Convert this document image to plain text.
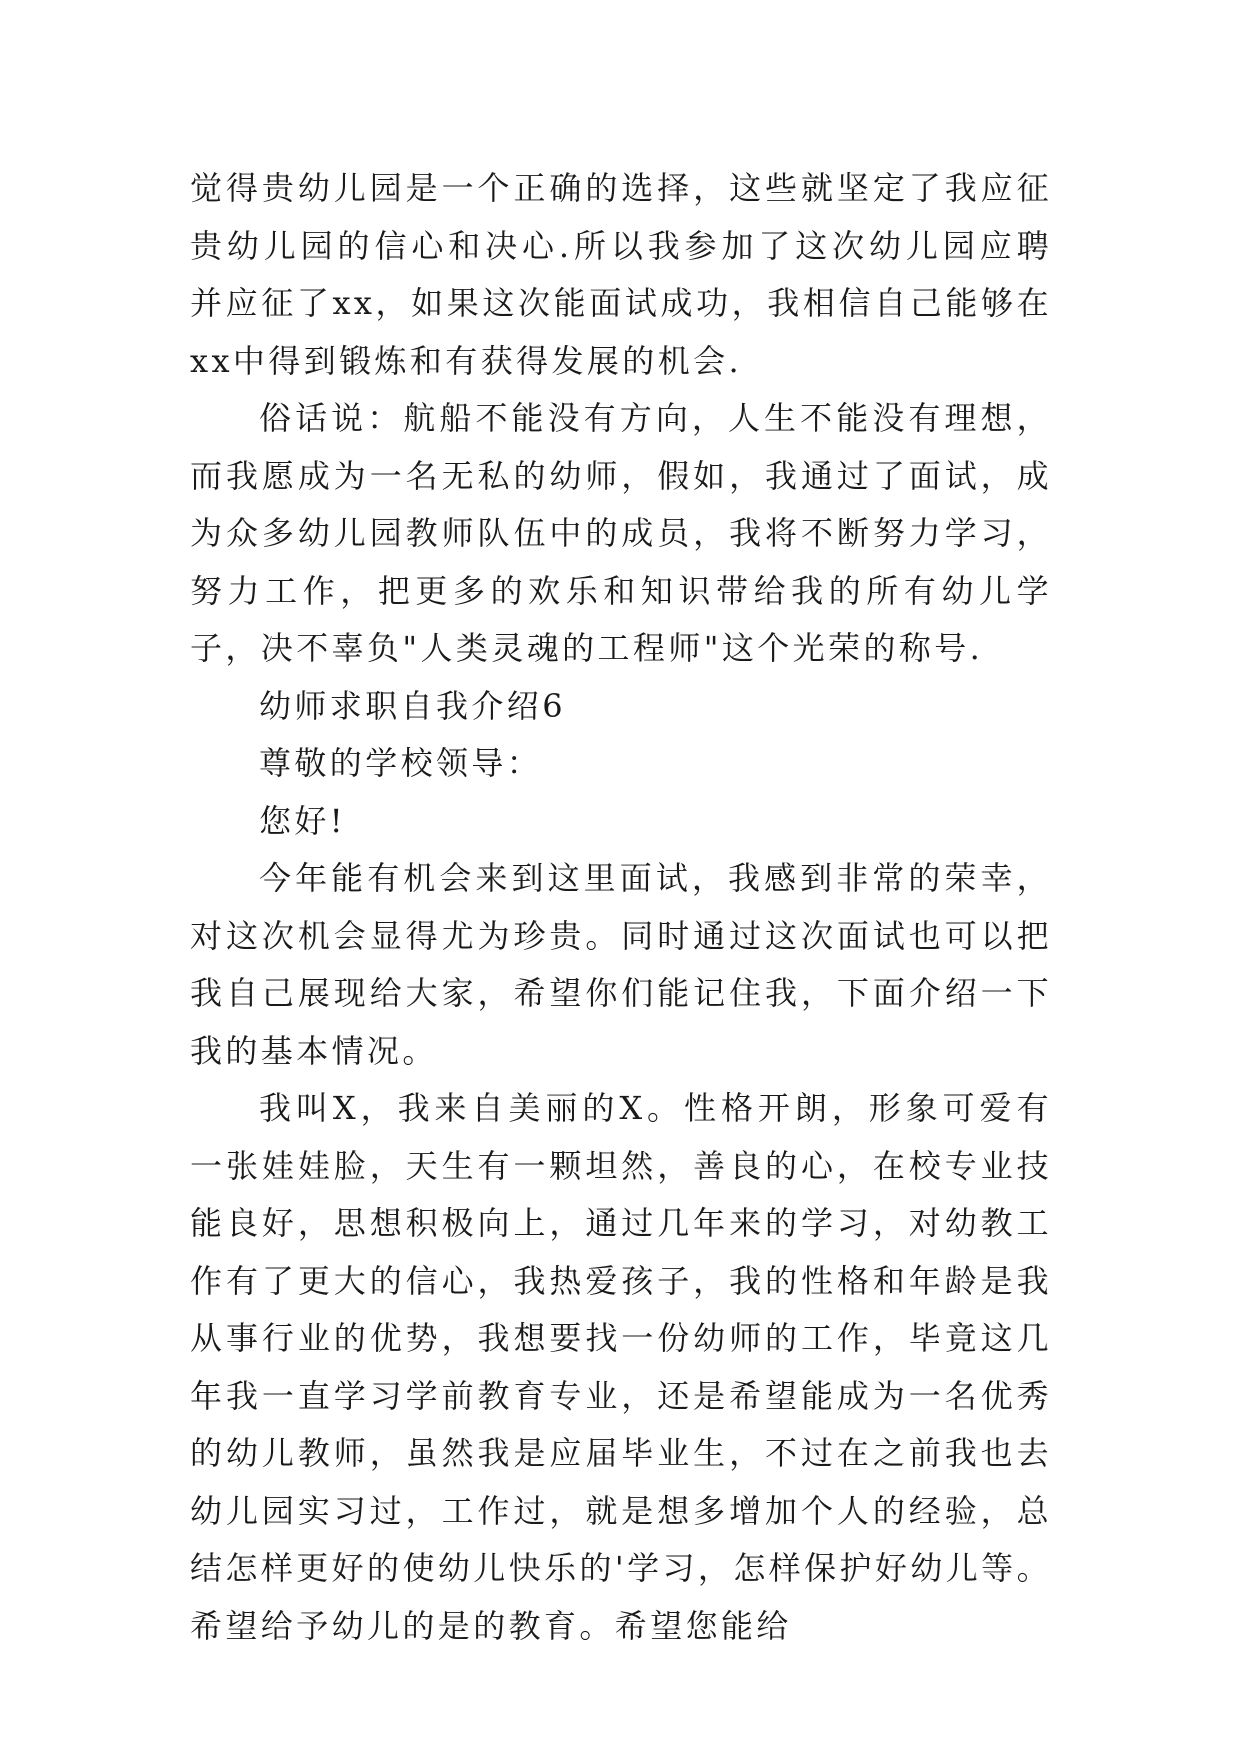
觉得贵幼儿园是一个正确的选择，这些就坚定了我应征贵幼儿园的信心和决心.所以我参加了这次幼儿园应聘并应征了xx，如果这次能面试成功，我相信自己能够在xx中得到锻炼和有获得发展的机会.

俗话说：航船不能没有方向，人生不能没有理想，而我愿成为一名无私的幼师，假如，我通过了面试，成为众多幼儿园教师队伍中的成员，我将不断努力学习，努力工作，把更多的欢乐和知识带给我的所有幼儿学子，决不辜负"人类灵魂的工程师"这个光荣的称号.

幼师求职自我介绍6

尊敬的学校领导：

您好!

今年能有机会来到这里面试，我感到非常的荣幸，对这次机会显得尤为珍贵。同时通过这次面试也可以把我自己展现给大家，希望你们能记住我，下面介绍一下我的基本情况。

我叫X，我来自美丽的X。性格开朗，形象可爱有一张娃娃脸，天生有一颗坦然，善良的心，在校专业技能良好，思想积极向上，通过几年来的学习，对幼教工作有了更大的信心，我热爱孩子，我的性格和年龄是我从事行业的优势，我想要找一份幼师的工作，毕竟这几年我一直学习学前教育专业，还是希望能成为一名优秀的幼儿教师，虽然我是应届毕业生，不过在之前我也去幼儿园实习过，工作过，就是想多增加个人的经验，总结怎样更好的使幼儿快乐的'学习，怎样保护好幼儿等。希望给予幼儿的是的教育。希望您能给
